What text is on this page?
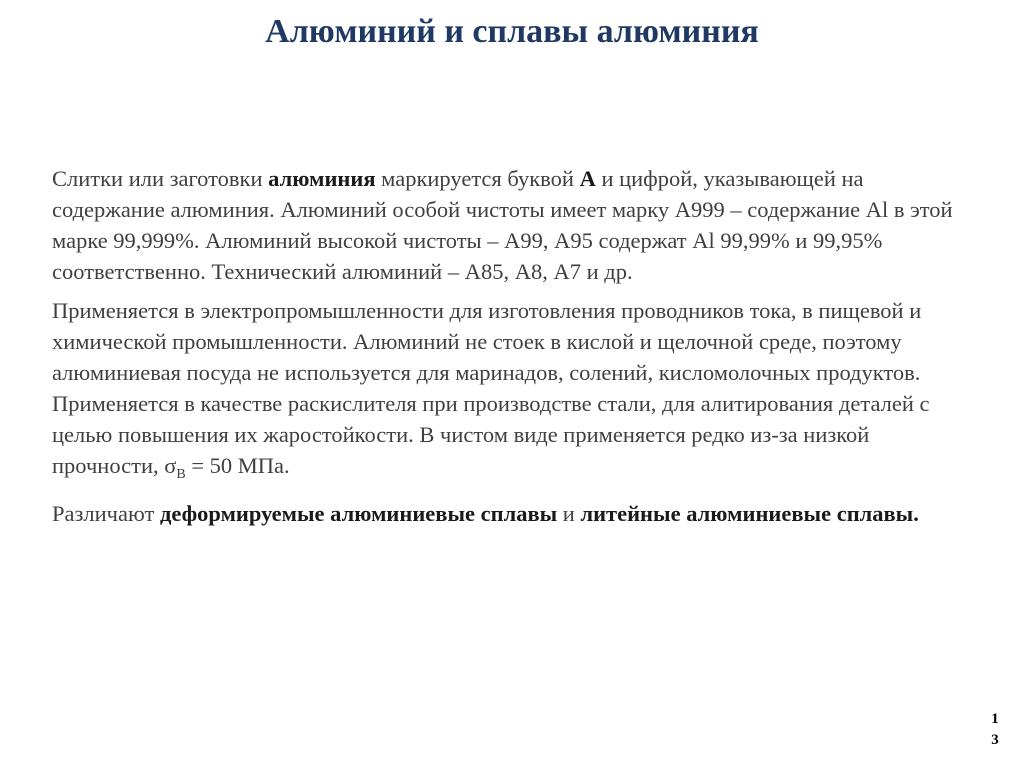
Алюминий и сплавы алюминия

Слитки или заготовки алюминия маркируется буквой А и цифрой, указывающей на содержание алюминия. Алюминий особой чистоты имеет марку А999 – содержание Al в этой марке 99,999%. Алюминий высокой чистоты – А99, А95 содержат Al 99,99% и 99,95% соответственно. Технический алюминий – А85, А8, А7 и др.

Применяется в электропромышленности для изготовления проводников тока, в пищевой и химической промышленности. Алюминий не стоек в кислой и щелочной среде, поэтому алюминиевая посуда не используется для маринадов, солений, кисломолочных продуктов. Применяется в качестве раскислителя при производстве стали, для алитирования деталей с целью повышения их жаростойкости. В чистом виде применяется редко из-за низкой прочности, $\sigma_В = 50$ МПа.

Различают деформируемые алюминиевые сплавы и литейные алюминиевые сплавы.

1
3
